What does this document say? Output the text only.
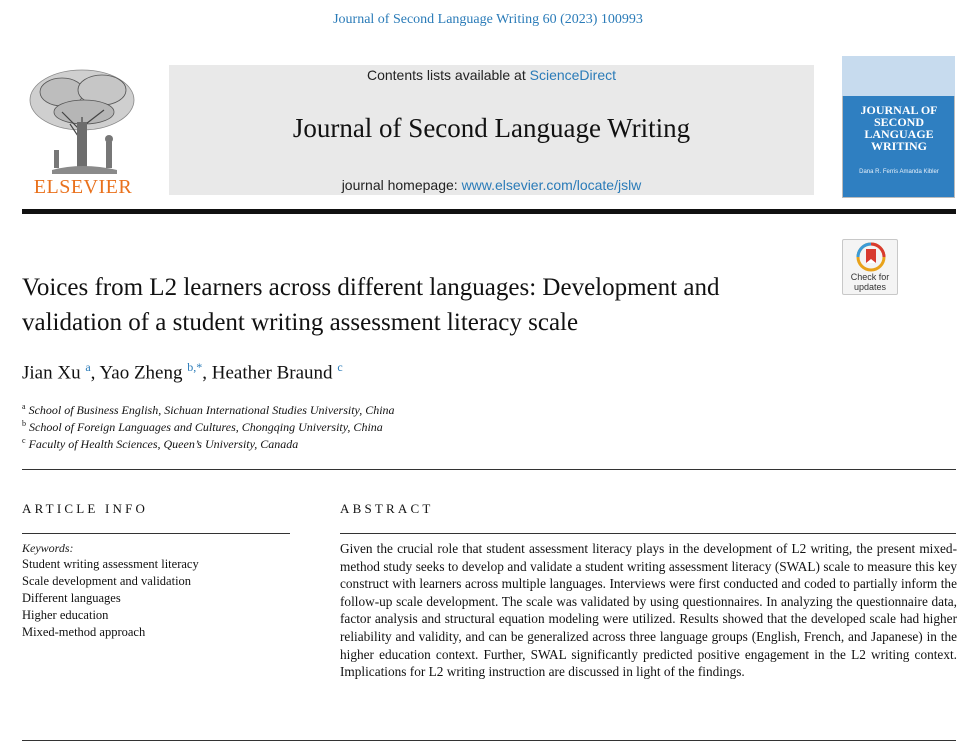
Journal of Second Language Writing 60 (2023) 100993
ELSEVIER
Contents lists available at ScienceDirect
Journal of Second Language Writing
journal homepage: www.elsevier.com/locate/jslw
JOURNAL OF
SECOND
LANGUAGE
WRITING
Dana R. Ferris Amanda Kibler
Check for
updates
Voices from L2 learners across different languages: Development and validation of a student writing assessment literacy scale
Jian Xu $^a$, Yao Zheng $^{b,*}$, Heather Braund $^c$
$^a$ School of Business English, Sichuan International Studies University, China
$^b$ School of Foreign Languages and Cultures, Chongqing University, China
$^c$ Faculty of Health Sciences, Queen’s University, Canada
ARTICLE INFO	ABSTRACT
Keywords:
Student writing assessment literacy
Scale development and validation
Different languages
Higher education
Mixed-method approach
Given the crucial role that student assessment literacy plays in the development of L2 writing, the present mixed-method study seeks to develop and validate a student writing assessment literacy (SWAL) scale to measure this key construct with learners across multiple languages. Interviews were first conducted and coded to partially inform the follow-up scale development. The scale was validated by using questionnaires. In analyzing the questionnaire data, factor analysis and structural equation modeling were utilized. Results showed that the developed scale had higher reliability and validity, and can be generalized across three language groups (English, French, and Japanese) in the higher education context. Further, SWAL significantly predicted positive engagement in the L2 writing context. Implications for L2 writing instruction are discussed in light of the findings.
